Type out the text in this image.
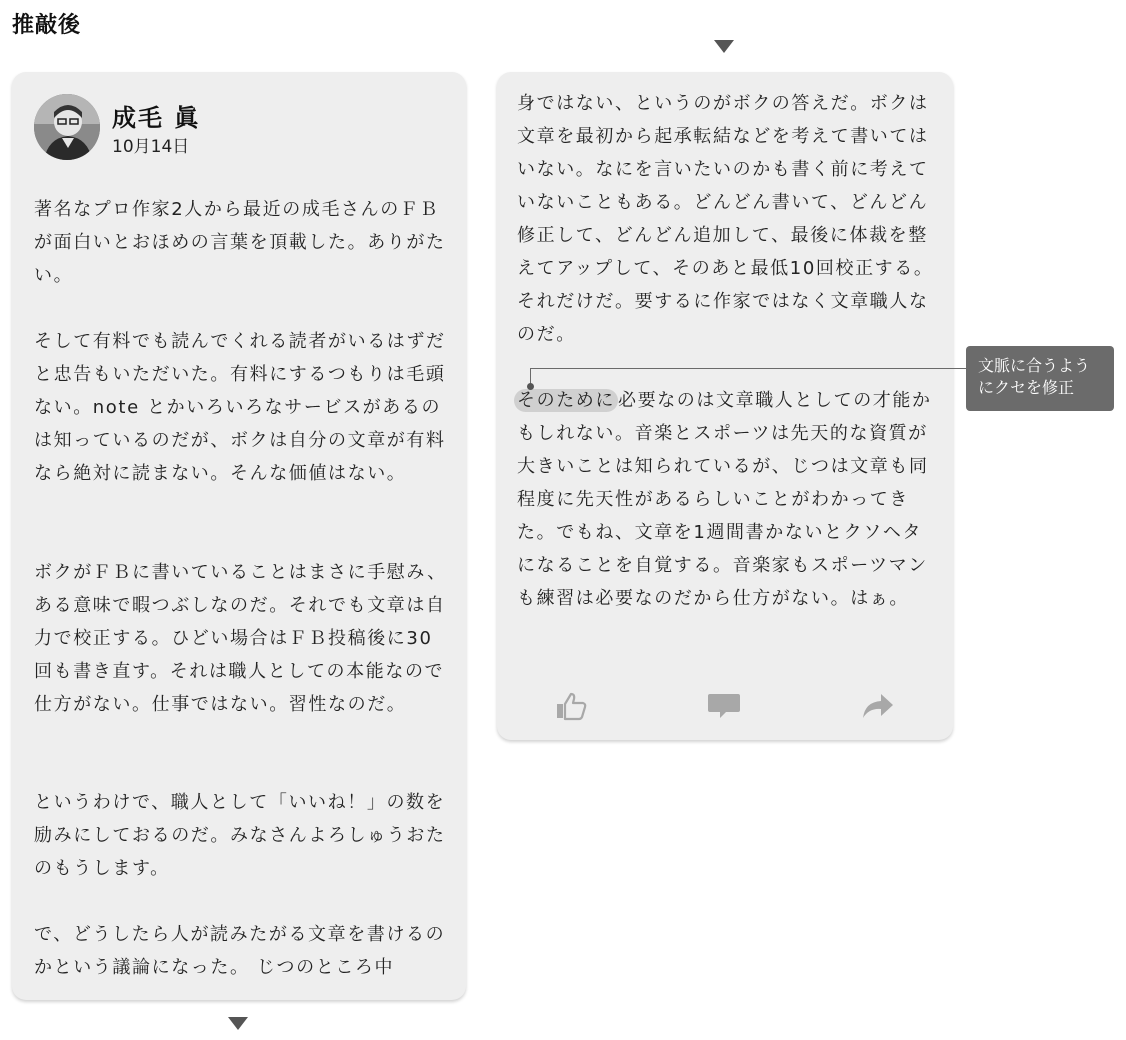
推敲後
成毛 眞
10月14日

著名なプロ作家2人から最近の成毛さんのＦＢが面白いとおほめの言葉を頂載した。ありがたい。

そして有料でも読んでくれる読者がいるはずだと忠告もいただいた。有料にするつもりは毛頭ない。note とかいろいろなサービスがあるのは知っているのだが、ボクは自分の文章が有料なら絶対に読まない。そんな価値はない。

ボクがＦＢに書いていることはまさに手慰み、ある意味で暇つぶしなのだ。それでも文章は自力で校正する。ひどい場合はＦＢ投稿後に30回も書き直す。それは職人としての本能なので仕方がない。仕事ではない。習性なのだ。

というわけで、職人として「いいね！」の数を励みにしておるのだ。みなさんよろしゅうおたのもうします。

で、どうしたら人が読みたがる文章を書けるのかという議論になった。 じつのところ中

身ではない、というのがボクの答えだ。ボクは文章を最初から起承転結などを考えて書いてはいない。なにを言いたいのかも書く前に考えていないこともある。どんどん書いて、どんどん修正して、どんどん追加して、最後に体裁を整えてアップして、そのあと最低10回校正する。それだけだ。要するに作家ではなく文章職人なのだ。

そのために 必要なのは文章職人としての才能かもしれない。音楽とスポーツは先天的な資質が大きいことは知られているが、じつは文章も同程度に先天性があるらしいことがわかってきた。でもね、文章を1週間書かないとクソヘタになることを自覚する。音楽家もスポーツマンも練習は必要なのだから仕方がない。はぁ。

文脈に合うよう
にクセを修正
